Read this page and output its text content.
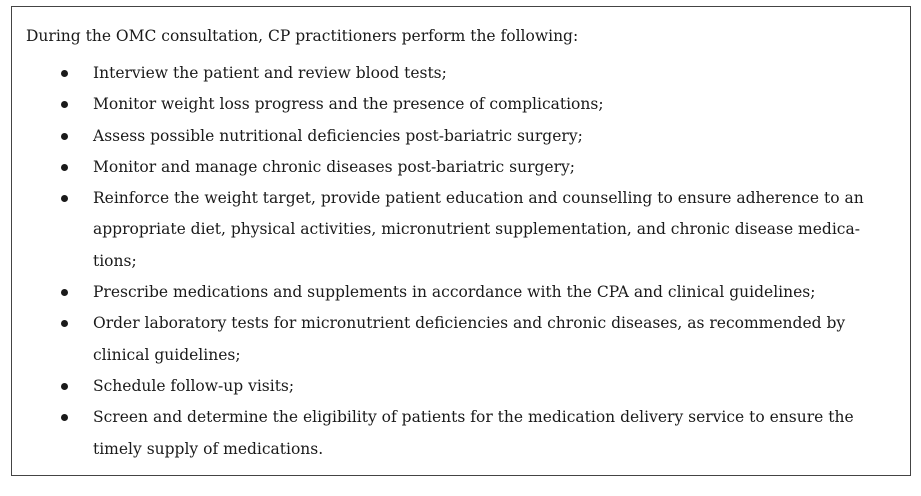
During the OMC consultation, CP practitioners perform the following:
Interview the patient and review blood tests;
Monitor weight loss progress and the presence of complications;
Assess possible nutritional deficiencies post-bariatric surgery;
Monitor and manage chronic diseases post-bariatric surgery;
Reinforce the weight target, provide patient education and counselling to ensure adherence to an
appropriate diet, physical activities, micronutrient supplementation, and chronic disease medica-
tions;
Prescribe medications and supplements in accordance with the CPA and clinical guidelines;
Order laboratory tests for micronutrient deficiencies and chronic diseases, as recommended by
clinical guidelines;
Schedule follow-up visits;
Screen and determine the eligibility of patients for the medication delivery service to ensure the
timely supply of medications.
